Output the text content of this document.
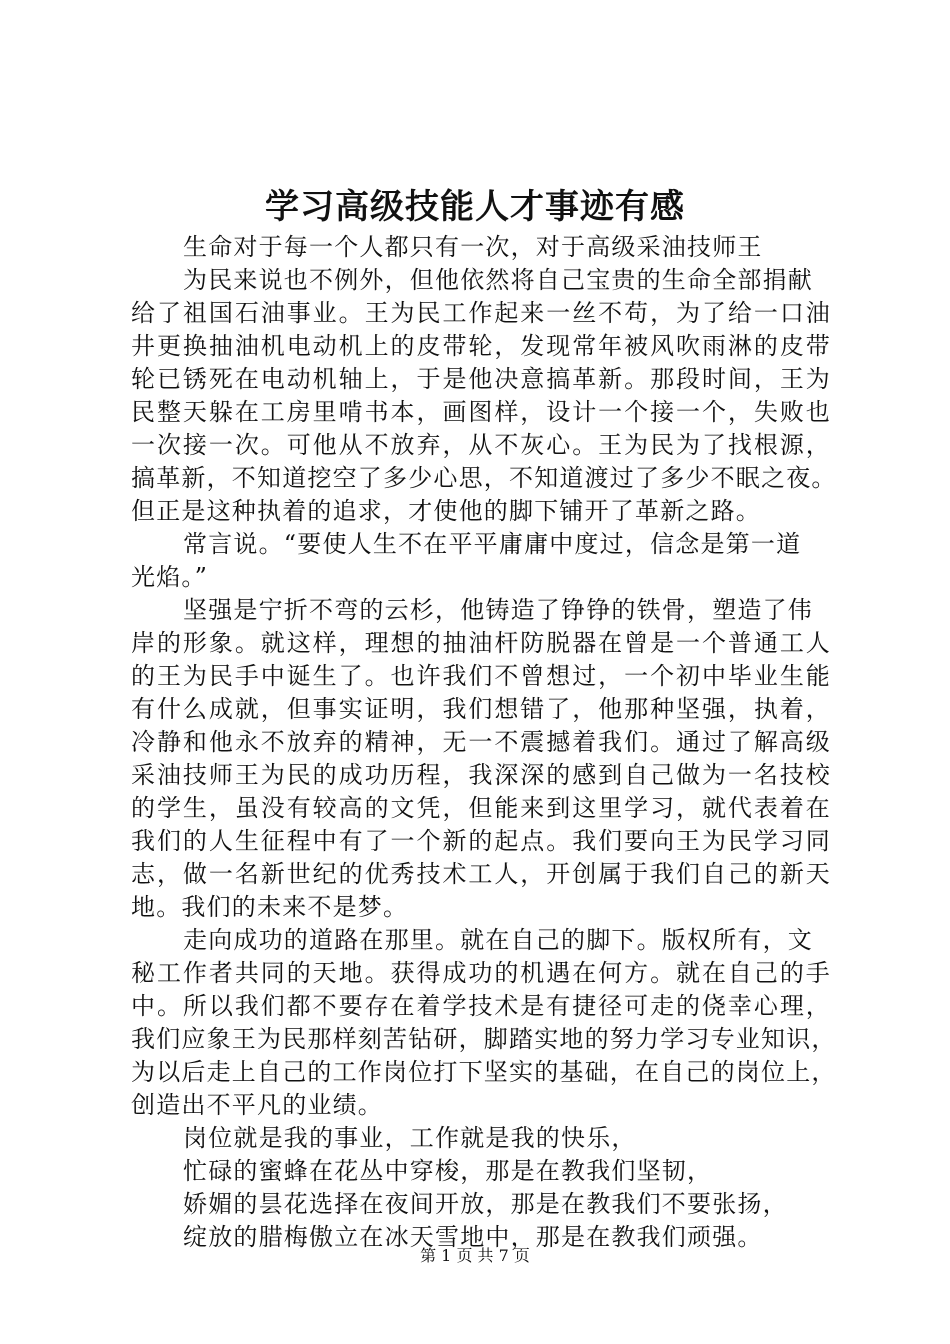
学习高级技能人才事迹有感
生命对于每一个人都只有一次，对于高级采油技师王
为民来说也不例外，但他依然将自己宝贵的生命全部捐献
给了祖国石油事业。王为民工作起来一丝不苟，为了给一口油
井更换抽油机电动机上的皮带轮，发现常年被风吹雨淋的皮带
轮已锈死在电动机轴上，于是他决意搞革新。那段时间，王为
民整天躲在工房里啃书本，画图样，设计一个接一个，失败也
一次接一次。可他从不放弃，从不灰心。王为民为了找根源，
搞革新，不知道挖空了多少心思，不知道渡过了多少不眠之夜。
但正是这种执着的追求，才使他的脚下铺开了革新之路。
常言说。“要使人生不在平平庸庸中度过，信念是第一道
光焰。”
坚强是宁折不弯的云杉，他铸造了铮铮的铁骨，塑造了伟
岸的形象。就这样，理想的抽油杆防脱器在曾是一个普通工人
的王为民手中诞生了。也许我们不曾想过，一个初中毕业生能
有什么成就，但事实证明，我们想错了，他那种坚强，执着，
冷静和他永不放弃的精神，无一不震撼着我们。通过了解高级
采油技师王为民的成功历程，我深深的感到自己做为一名技校
的学生，虽没有较高的文凭，但能来到这里学习，就代表着在
我们的人生征程中有了一个新的起点。我们要向王为民学习同
志，做一名新世纪的优秀技术工人，开创属于我们自己的新天
地。我们的未来不是梦。
走向成功的道路在那里。就在自己的脚下。版权所有，文
秘工作者共同的天地。获得成功的机遇在何方。就在自己的手
中。所以我们都不要存在着学技术是有捷径可走的侥幸心理，
我们应象王为民那样刻苦钻研，脚踏实地的努力学习专业知识，
为以后走上自己的工作岗位打下坚实的基础，在自己的岗位上，
创造出不平凡的业绩。
岗位就是我的事业，工作就是我的快乐，
忙碌的蜜蜂在花丛中穿梭，那是在教我们坚韧，
娇媚的昙花选择在夜间开放，那是在教我们不要张扬，
绽放的腊梅傲立在冰天雪地中，那是在教我们顽强。
第 1 页 共 7 页
